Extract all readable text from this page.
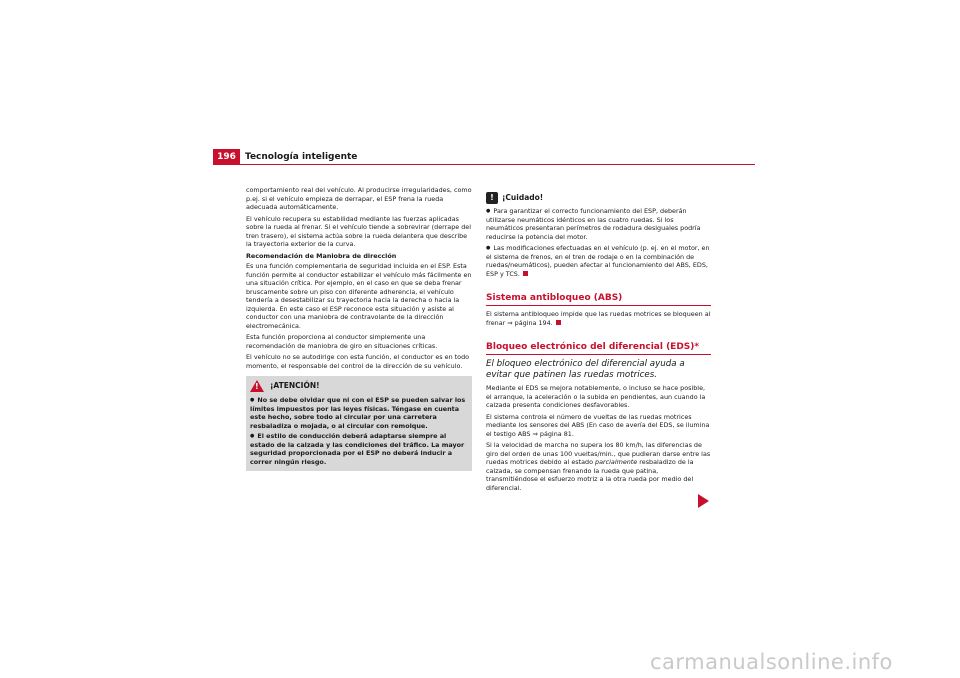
196	Tecnología inteligente

comportamiento real del vehículo. Al producirse irregularidades, como p.ej. si el vehículo empieza de derrapar, el ESP frena la rueda adecuada automáticamente.

El vehículo recupera su estabilidad mediante las fuerzas aplicadas sobre la rueda al frenar. Si el vehículo tiende a sobrevirar (derrape del tren trasero), el sistema actúa sobre la rueda delantera que describe la trayectoria exterior de la curva.

Recomendación de Maniobra de dirección

Es una función complementaria de seguridad incluida en el ESP. Esta función permite al conductor estabilizar el vehículo más fácilmente en una situación crítica. Por ejemplo, en el caso en que se deba frenar bruscamente sobre un piso con diferente adherencia, el vehículo tendería a desestabilizar su trayectoria hacia la derecha o hacia la izquierda. En este caso el ESP reconoce esta situación y asiste al conductor con una maniobra de contravolante de la dirección electromecánica.

Esta función proporciona al conductor simplemente una recomendación de maniobra de giro en situaciones críticas.

El vehículo no se autodirige con esta función, el conductor es en todo momento, el responsable del control de la dirección de su vehículo.

! ¡ATENCIÓN!

● No se debe olvidar que ni con el ESP se pueden salvar los límites impuestos por las leyes físicas. Téngase en cuenta este hecho, sobre todo al circular por una carretera resbaladiza o mojada, o al circular con remolque.

● El estilo de conducción deberá adaptarse siempre al estado de la calzada y las condiciones del tráfico. La mayor seguridad proporcionada por el ESP no deberá inducir a correr ningún riesgo.

!	¡Cuidado!

● Para garantizar el correcto funcionamiento del ESP, deberán utilizarse neumáticos idénticos en las cuatro ruedas. Si los neumáticos presentaran perímetros de rodadura desiguales podría reducirse la potencia del motor.

● Las modificaciones efectuadas en el vehículo (p. ej. en el motor, en el sistema de frenos, en el tren de rodaje o en la combinación de ruedas/neumáticos), pueden afectar al funcionamiento del ABS, EDS, ESP y TCS.

Sistema antibloqueo (ABS)

El sistema antibloqueo impide que las ruedas motrices se bloqueen al frenar ⇒ página 194.

Bloqueo electrónico del diferencial (EDS)*

El bloqueo electrónico del diferencial ayuda a evitar que patinen las ruedas motrices.

Mediante el EDS se mejora notablemente, o incluso se hace posible, el arranque, la aceleración o la subida en pendientes, aun cuando la calzada presenta condiciones desfavorables.

El sistema controla el número de vueltas de las ruedas motrices mediante los sensores del ABS (En caso de avería del EDS, se ilumina el testigo ABS ⇒ página 81.

Si la velocidad de marcha no supera los 80 km/h, las diferencias de giro del orden de unas 100 vueltas/min., que pudieran darse entre las ruedas motrices debido al estado parcialmente resbaladizo de la calzada, se compensan frenando la rueda que patina, transmitiéndose el esfuerzo motriz a la otra rueda por medio del diferencial.

carmanualsonline.info
